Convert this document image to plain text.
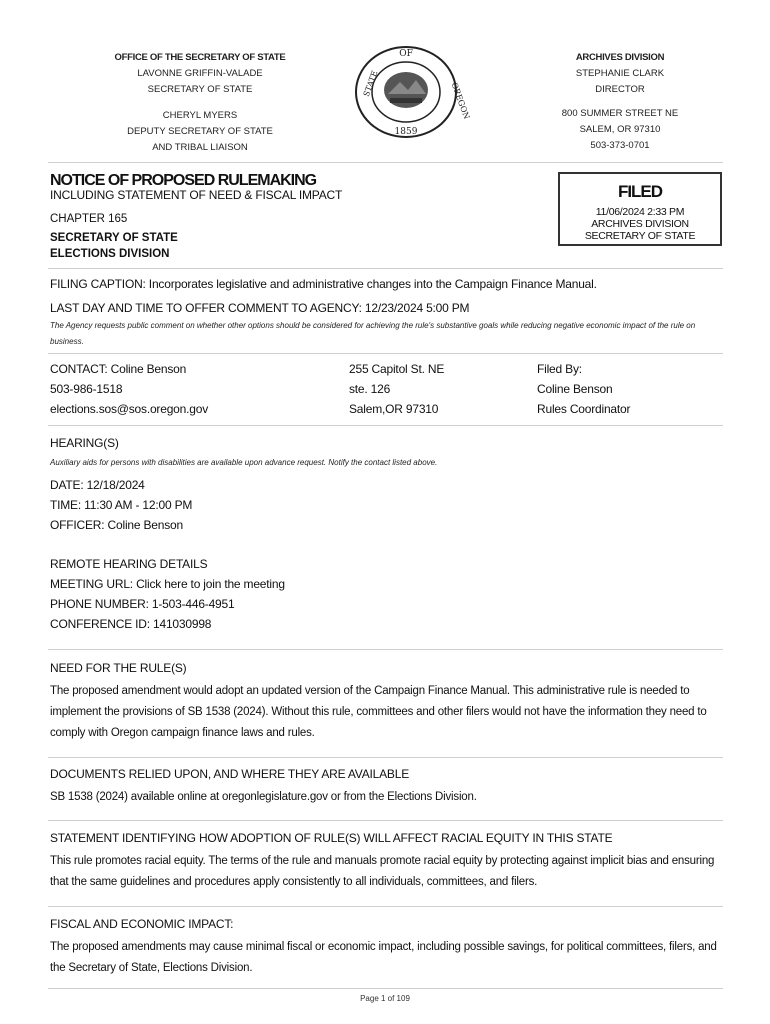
OFFICE OF THE SECRETARY OF STATE
LAVONNE GRIFFIN-VALADE
SECRETARY OF STATE
CHERYL MYERS
DEPUTY SECRETARY OF STATE
AND TRIBAL LIAISON
OF
STATE	OREGON
1859
ARCHIVES DIVISION
STEPHANIE CLARK
DIRECTOR
800 SUMMER STREET NE
SALEM, OR 97310
503-373-0701
NOTICE OF PROPOSED RULEMAKING
INCLUDING STATEMENT OF NEED & FISCAL IMPACT
CHAPTER 165
SECRETARY OF STATE
ELECTIONS DIVISION
FILED
11/06/2024 2:33 PM
ARCHIVES DIVISION
SECRETARY OF STATE
FILING CAPTION: Incorporates legislative and administrative changes into the Campaign Finance Manual.
LAST DAY AND TIME TO OFFER COMMENT TO AGENCY: 12/23/2024 5:00 PM
The Agency requests public comment on whether other options should be considered for achieving the rule's substantive goals while reducing negative economic impact of the rule on business.
CONTACT: Coline Benson
503-986-1518
elections.sos@sos.oregon.gov
255 Capitol St. NE
ste. 126
Salem,OR 97310
Filed By:
Coline Benson
Rules Coordinator
HEARING(S)
Auxiliary aids for persons with disabilities are available upon advance request. Notify the contact listed above.
DATE: 12/18/2024
TIME: 11:30 AM - 12:00 PM
OFFICER: Coline Benson
REMOTE HEARING DETAILS
MEETING URL: Click here to join the meeting
PHONE NUMBER: 1-503-446-4951
CONFERENCE ID: 141030998
NEED FOR THE RULE(S)
The proposed amendment would adopt an updated version of the Campaign Finance Manual. This administrative rule is needed to implement the provisions of SB 1538 (2024). Without this rule, committees and other filers would not have the information they need to comply with Oregon campaign finance laws and rules.
DOCUMENTS RELIED UPON, AND WHERE THEY ARE AVAILABLE
SB 1538 (2024) available online at oregonlegislature.gov or from the Elections Division.
STATEMENT IDENTIFYING HOW ADOPTION OF RULE(S) WILL AFFECT RACIAL EQUITY IN THIS STATE
This rule promotes racial equity. The terms of the rule and manuals promote racial equity by protecting against implicit bias and ensuring that the same guidelines and procedures apply consistently to all individuals, committees, and filers.
FISCAL AND ECONOMIC IMPACT:
The proposed amendments may cause minimal fiscal or economic impact, including possible savings, for political committees, filers, and the Secretary of State, Elections Division.
Page 1 of 109
